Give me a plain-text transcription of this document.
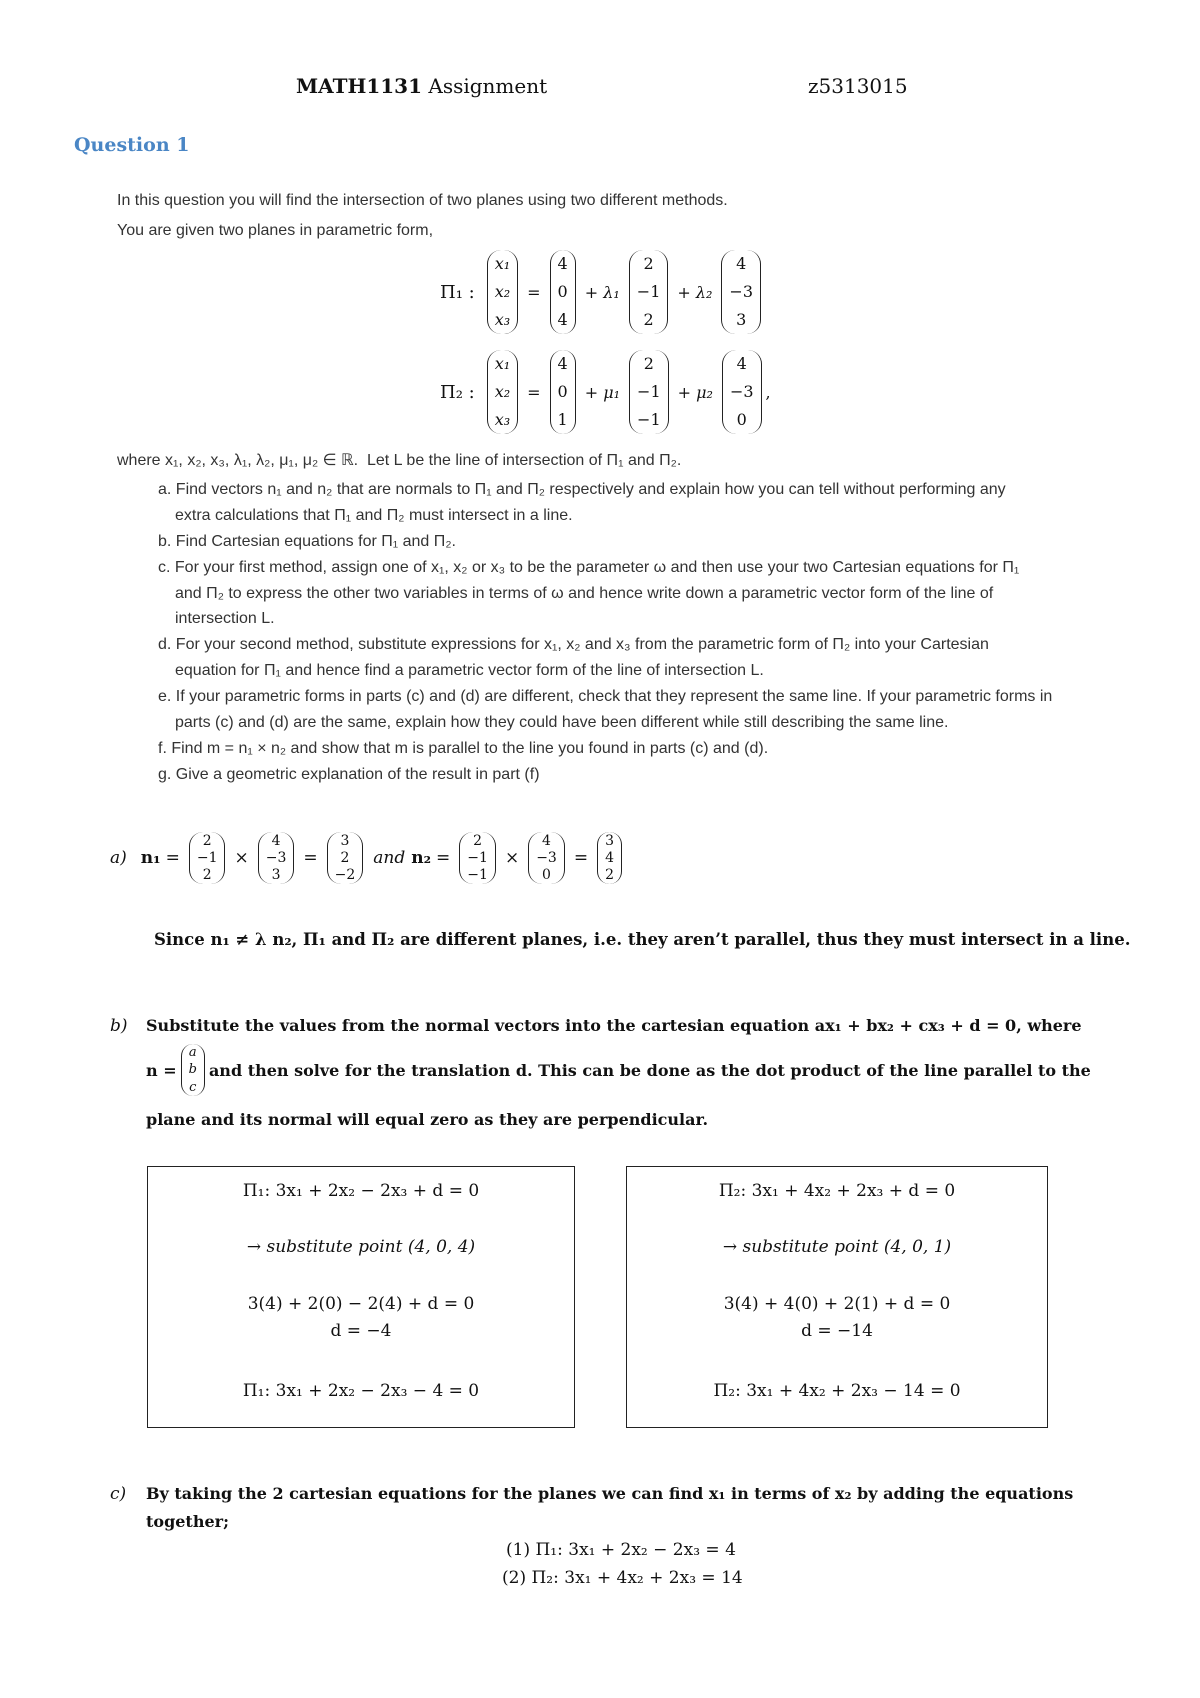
MATH1131 Assignment	z5313015
Question 1
In this question you will find the intersection of two planes using two different methods.
You are given two planes in parametric form,
Π₁ :
x₁
x₂
x₃
=
4
0
4
+ λ₁
2
−1
2
+ λ₂
4
−3
3
Π₂ :
x₁
x₂
x₃
=
4
0
1
+ μ₁
2
−1
−1
+ μ₂
4
−3
0
,
where x₁, x₂, x₃, λ₁, λ₂, μ₁, μ₂ ∈ ℝ. Let L be the line of intersection of Π₁ and Π₂.
a. Find vectors n₁ and n₂ that are normals to Π₁ and Π₂ respectively and explain how you can tell without performing any
extra calculations that Π₁ and Π₂ must intersect in a line.
b. Find Cartesian equations for Π₁ and Π₂.
c. For your first method, assign one of x₁, x₂ or x₃ to be the parameter ω and then use your two Cartesian equations for Π₁
and Π₂ to express the other two variables in terms of ω and hence write down a parametric vector form of the line of
intersection L.
d. For your second method, substitute expressions for x₁, x₂ and x₃ from the parametric form of Π₂ into your Cartesian
equation for Π₁ and hence find a parametric vector form of the line of intersection L.
e. If your parametric forms in parts (c) and (d) are different, check that they represent the same line. If your parametric forms in
parts (c) and (d) are the same, explain how they could have been different while still describing the same line.
f. Find m = n₁ × n₂ and show that m is parallel to the line you found in parts (c) and (d).
g. Give a geometric explanation of the result in part (f)
a) n₁ =
2
−1
2
×
4
−3
3
=
3
2
−2
and n₂ =
2
−1
−1
×
4
−3
0
=
3
4
2
Since n₁ ≠ λ n₂, Π₁ and Π₂ are different planes, i.e. they aren’t parallel, thus they must intersect in a line.
b) Substitute the values from the normal vectors into the cartesian equation ax₁ + bx₂ + cx₃ + d = 0, where
n =
a
b
c
and then solve for the translation d. This can be done as the dot product of the line parallel to the
plane and its normal will equal zero as they are perpendicular.
Π₁: 3x₁ + 2x₂ − 2x₃ + d = 0
→ substitute point (4, 0, 4)
3(4) + 2(0) − 2(4) + d = 0
d = −4
Π₁: 3x₁ + 2x₂ − 2x₃ − 4 = 0
Π₂: 3x₁ + 4x₂ + 2x₃ + d = 0
→ substitute point (4, 0, 1)
3(4) + 4(0) + 2(1) + d = 0
d = −14
Π₂: 3x₁ + 4x₂ + 2x₃ − 14 = 0
c) By taking the 2 cartesian equations for the planes we can find x₁ in terms of x₂ by adding the equations
together;
(1) Π₁: 3x₁ + 2x₂ − 2x₃ = 4
(2) Π₂: 3x₁ + 4x₂ + 2x₃ = 14
